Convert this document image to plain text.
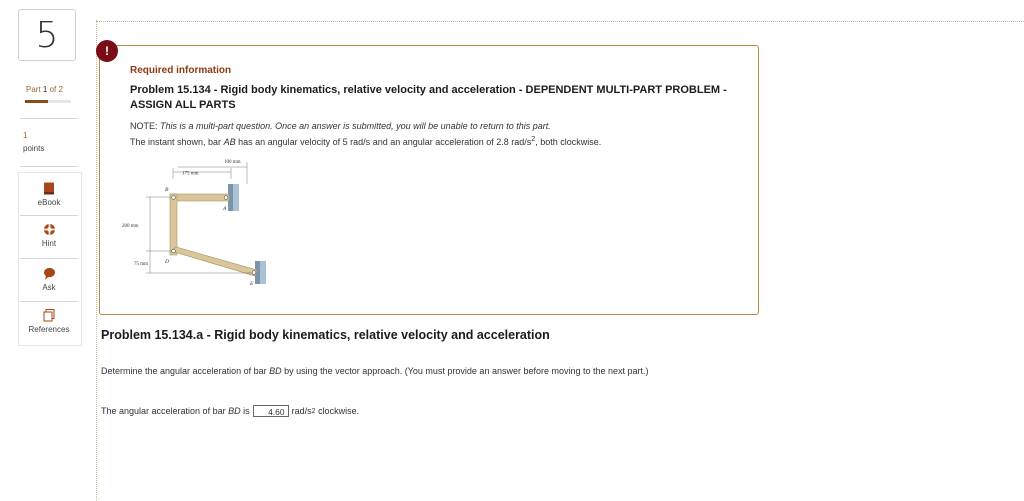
5
Part 1 of 2
1
points
eBook
Hint
Ask
References
!
Required information
Problem 15.134 - Rigid body kinematics, relative velocity and acceleration - DEPENDENT MULTI-PART PROBLEM - ASSIGN ALL PARTS
NOTE: This is a multi-part question. Once an answer is submitted, you will be unable to return to this part.
The instant shown, bar AB has an angular velocity of 5 rad/s and an angular acceleration of 2.8 rad/$s^2$, both clockwise.
100 mm
175 mm
200 mm
75 mm
B
A
D
E
Problem 15.134.a - Rigid body kinematics, relative velocity and acceleration
Determine the angular acceleration of bar BD by using the vector approach. (You must provide an answer before moving to the next part.)
The angular acceleration of bar
BD
is	4.60 rad/s 2
clockwise.
